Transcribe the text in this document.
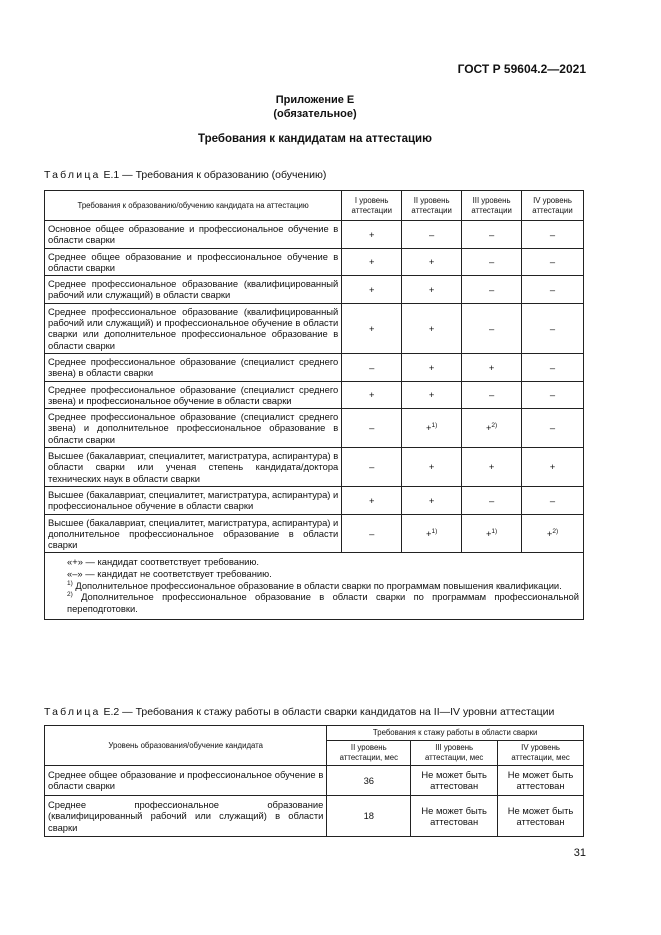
ГОСТ Р 59604.2—2021
Приложение Е
(обязательное)
Требования к кандидатам на аттестацию
Таблица Е.1 — Требования к образованию (обучению)
Требования к образованию/обучению кандидата на аттестацию	I уровень аттестации	II уровень аттестации	III уровень аттестации	IV уровень аттестации
Основное общее образование и профессиональное обучение в области сварки	+	–	–	–
Среднее общее образование и профессиональное обучение в области сварки	+	+	–	–
Среднее профессиональное образование (квалифицированный рабочий или служащий) в области сварки	+	+	–	–
Среднее профессиональное образование (квалифицированный рабочий или служащий) и профессиональное обучение в области сварки или дополнительное профессиональное образование в области сварки	+	+	–	–
Среднее профессиональное образование (специалист среднего звена) в области сварки	–	+	+	–
Среднее профессиональное образование (специалист среднего звена) и профессиональное обучение в области сварки	+	+	–	–
Среднее профессиональное образование (специалист среднего звена) и дополнительное профессиональное образование в области сварки	–	+$^{1)}$	+$^{2)}$	–
Высшее (бакалавриат, специалитет, магистратура, аспирантура) в области сварки или ученая степень кандидата/доктора технических наук в области сварки	–	+	+	+
Высшее (бакалавриат, специалитет, магистратура, аспирантура) и профессиональное обучение в области сварки	+	+	–	–
Высшее (бакалавриат, специалитет, магистратура, аспирантура) и дополнительное профессиональное образование в области сварки	–	+$^{1)}$	+$^{1)}$	+$^{2)}$

«+» — кандидат соответствует требованию.

«–» — кандидат не соответствует требованию.

$^{1)}$ Дополнительное профессиональное образование в области сварки по программам повышения квалификации.

$^{2)}$ Дополнительное профессиональное образование в области сварки по программам профессиональной переподготовки.				

Таблица Е.2 — Требования к стажу работы в области сварки кандидатов на II—IV уровни аттестации
Уровень образования/обучение кандидата	Требования к стажу работы в области сварки		
	II уровень аттестации, мес	III уровень аттестации, мес	IV уровень аттестации, мес
Среднее общее образование и профессиональное обучение в области сварки	36	Не может быть аттестован	Не может быть аттестован
Среднее профессиональное образование (квалифицированный рабочий или служащий) в области сварки	18	Не может быть аттестован	Не может быть аттестован
31
